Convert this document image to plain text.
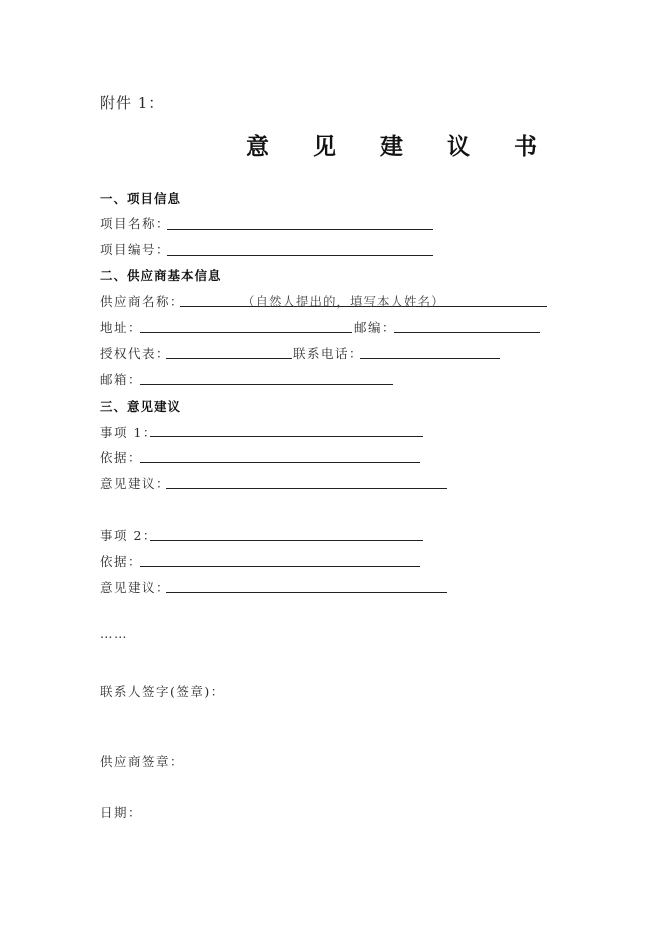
附件 1：
意 见 建 议 书
一、项目信息
项目名称：
项目编号：
二、供应商基本信息
供应商名称：	（自然人提出的，填写本人姓名）
地址：	邮编：
授权代表：	联系电话：
邮箱：
三、意见建议
事项 1：
依据：
意见建议：
事项 2：
依据：
意见建议：
……
联系人签字(签章)：
供应商签章：
日期：
